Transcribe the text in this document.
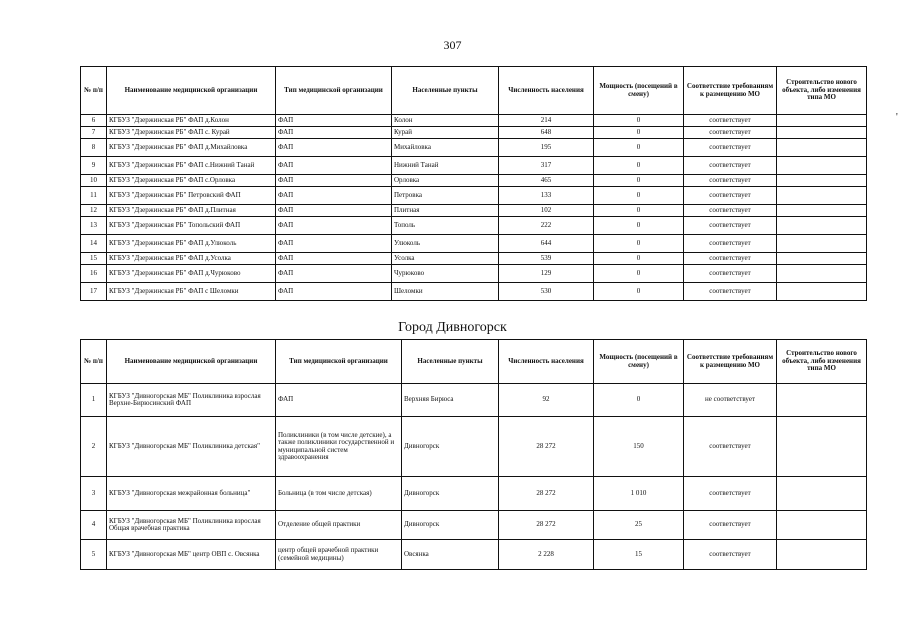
307
'
№ п/п	Наименование медицинской организации	Тип медицинской организации	Населенные пункты	Численность населения	Мощность (посещений в смену)	Соответствие требованиям к размещению МО	Строительство нового объекта, либо изменения типа МО
6	КГБУЗ "Дзержинская РБ" ФАП д.Колон	ФАП	Колон	214	0	соответствует	
7	КГБУЗ "Дзержинская РБ" ФАП с. Курай	ФАП	Курай	648	0	соответствует	
8	КГБУЗ "Дзержинская РБ" ФАП д.Михайловка	ФАП	Михайловка	195	0	соответствует	
9	КГБУЗ "Дзержинская РБ" ФАП с.Нижний Танай	ФАП	Нижний Танай	317	0	соответствует	
10	КГБУЗ "Дзержинская РБ" ФАП с.Орловка	ФАП	Орловка	465	0	соответствует	
11	КГБУЗ "Дзержинская РБ" Петровский ФАП	ФАП	Петровка	133	0	соответствует	
12	КГБУЗ "Дзержинская РБ" ФАП д.Плитная	ФАП	Плитная	102	0	соответствует	
13	КГБУЗ "Дзержинская РБ" Топольский ФАП	ФАП	Тополь	222	0	соответствует	
14	КГБУЗ "Дзержинская РБ" ФАП д.Улюколь	ФАП	Улюколь	644	0	соответствует	
15	КГБУЗ "Дзержинская РБ" ФАП д.Усолка	ФАП	Усолка	539	0	соответствует	
16	КГБУЗ "Дзержинская РБ" ФАП д.Чурюково	ФАП	Чурюково	129	0	соответствует	
17	КГБУЗ "Дзержинская РБ" ФАП с Шеломки	ФАП	Шеломки	530	0	соответствует	
Город Дивногорск
№ п/п	Наименование медицинской организации	Тип медицинской организации	Населенные пункты	Численность населения	Мощность (посещений в смену)	Соответствие требованиям к размещению МО	Строительство нового объекта, либо изменения типа МО
1	КГБУЗ "Дивногорская МБ" Поликлиника взрослая Верхне-Бирюсинский ФАП	ФАП	Верхняя Бирюса	92	0	не соответствует	
2	КГБУЗ "Дивногорская МБ" Поликлиника детская"	Поликлиники (в том числе детские), а также поликлиники государственной и муниципальной систем здравоохранения	Дивногорск	28 272	150	соответствует	
3	КГБУЗ "Дивногорская межрайонная больница"	Больница (в том числе детская)	Дивногорск	28 272	1 010	соответствует	
4	КГБУЗ "Дивногорская МБ" Поликлиника взрослая Общая врачебная практика	Отделение общей практики	Дивногорск	28 272	25	соответствует	
5	КГБУЗ "Дивногорская МБ" центр ОВП с. Овсянка	центр общей врачебной практики (семейной медицины)	Овсянка	2 228	15	соответствует	
